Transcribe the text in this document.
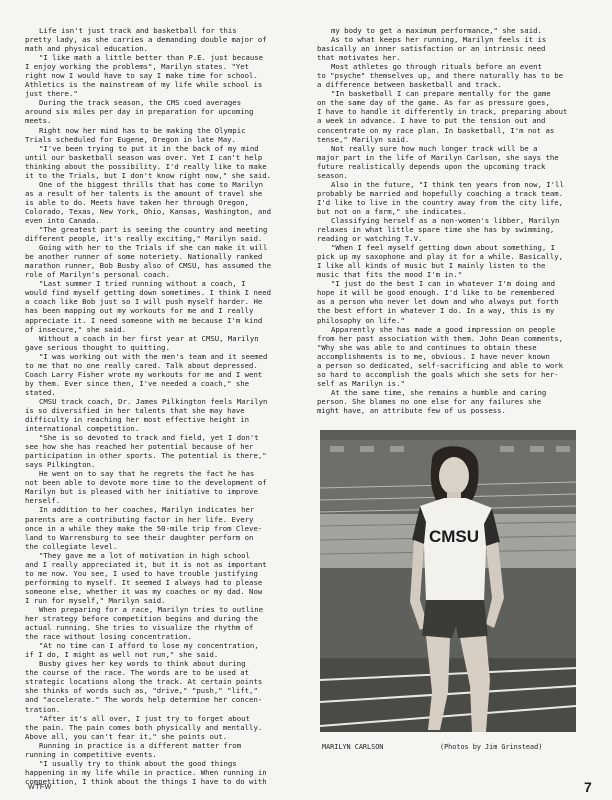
Life isn't just track and basketball for this
pretty lady, as she carries a demanding double major of
math and physical education.

"I like math a little better than P.E. just because
I enjoy working the problems", Marilyn states. "Yet
right now I would have to say I make time for school.
Athletics is the mainstream of my life while school is
just there."

During the track season, the CMS coed averages
around six miles per day in preparation for upcoming
meets.

Right now her mind has to be making the Olympic
Trials scheduled for Eugene, Oregon in late May.

"I've been trying to put it in the back of my mind
until our basketball season was over. Yet I can't help
thinking about the possibility. I'd really like to make
it to the Trials, but I don't know right now," she said.

One of the biggest thrills that has come to Marilyn
as a result of her talents is the amount of travel she
is able to do. Meets have taken her through Oregon,
Colorado, Texas, New York, Ohio, Kansas, Washington, and
even into Canada.

"The greatest part is seeing the country and meeting
different people, it's really exciting," Marilyn said.

Going with her to the Trials if she can make it will
be another runner of some noteriety. Nationally ranked
marathon runner, Bob Busby also of CMSU, has assumed the
role of Marilyn's personal coach.

"Last summer I tried running without a coach, I
would find myself getting down sometimes. I think I need
a coach like Bob just so I will push myself harder. He
has been mapping out my workouts for me and I really
appreciate it. I need someone with me because I'm kind
of insecure," she said.

Without a coach in her first year at CMSU, Marilyn
gave serious thought to quitting.

"I was working out with the men's team and it seemed
to me that no one really cared. Talk about depressed.
Coach Larry Fisher wrote my workouts for me and I went
by them. Ever since then, I've needed a coach," she
stated.

CMSU track coach, Dr. James Pilkington feels Marilyn
is so diversified in her talents that she may have
difficulty in reaching her most effective height in
international competition.

"She is so devoted to track and field, yet I don't
see how she has reached her potential because of her
participation in other sports. The potential is there,"
says Pilkington.

He went on to say that he regrets the fact he has
not been able to devote more time to the development of
Marilyn but is pleased with her initiative to improve
herself.

In addition to her coaches, Marilyn indicates her
parents are a contributing factor in her life. Every
once in a while they make the 50-mile trip from Cleve-
land to Warrensburg to see their daughter perform on
the collegiate level.

"They gave me a lot of motivation in high school
and I really appreciated it, but it is not as important
to me now. You see, I used to have trouble justifying
performing to myself. It seemed I always had to please
someone else, whether it was my coaches or my dad. Now
I run for myself," Marilyn said.

When preparing for a race, Marilyn tries to outline
her strategy before competition begins and during the
actual running. She tries to visualize the rhythm of
the race without losing concentration.

"At no time can I afford to lose my concentration,
if I do, I might as well not run," she said.

Busby gives her key words to think about during
the course of the race. The words are to be used at
strategic locations along the track. At certain points
she thinks of words such as, "drive," "push," "lift,"
and "accelerate." The words help determine her concen-
tration.

"After it's all over, I just try to forget about
the pain. The pain comes both physically and mentally.
Above all, you can't fear it," she points out.

Running in practice is a different matter from
running in competitive events.

"I usually try to think about the good things
happening in my life while in practice. When running in
competition, I think about the things I have to do with

my body to get a maximum performance," she said.

As to what keeps her running, Marilyn feels it is
basically an inner satisfaction or an intrinsic need
that motivates her.

Most athletes go through rituals before an event
to "psyche" themselves up, and there naturally has to be
a difference between basketball and track.

"In basketball I can prepare mentally for the game
on the same day of the game. As far as pressure goes,
I have to handle it differently in track, preparing about
a week in advance. I have to put the tension out and
concentrate on my race plan. In basketball, I'm not as
tense," Marilyn said.

Not really sure how much longer track will be a
major part in the life of Marilyn Carlson, she says the
future realistically depends upon the upcoming track
season.

Also in the future, "I think ten years from now, I'll
probably be married and hopefully coaching a track team.
I'd like to live in the country away from the city life,
but not on a farm," she indicates.

Classifying herself as a non-women's libber, Marilyn
relaxes in what little spare time she has by swimming,
reading or watching T.V.

"When I feel myself getting down about something, I
pick up my saxophone and play it for a while. Basically,
I like all kinds of music but I mainly listen to the
music that fits the mood I'm in."

"I just do the best I can in whatever I'm doing and
hope it will be good enough. I'd like to be remembered
as a person who never let down and who always put forth
the best effort in whatever I do. In a way, this is my
philosophy on life."

Apparently she has made a good impression on people
from her past association with them. John Dean comments,
"Why she was able to and continues to obtain these
accomplishments is to me, obvious. I have never known
a person so dedicated, self-sacrificing and able to work
so hard to accomplish the goals which she sets for her-
self as Marilyn is."

At the same time, she remains a humble and caring
person. She blames no one else for any failures she
might have, an attribute few of us possess.

CMSU
MARILYN CARLSON	(Photos by Jim Grinstead)
WTFW	7
